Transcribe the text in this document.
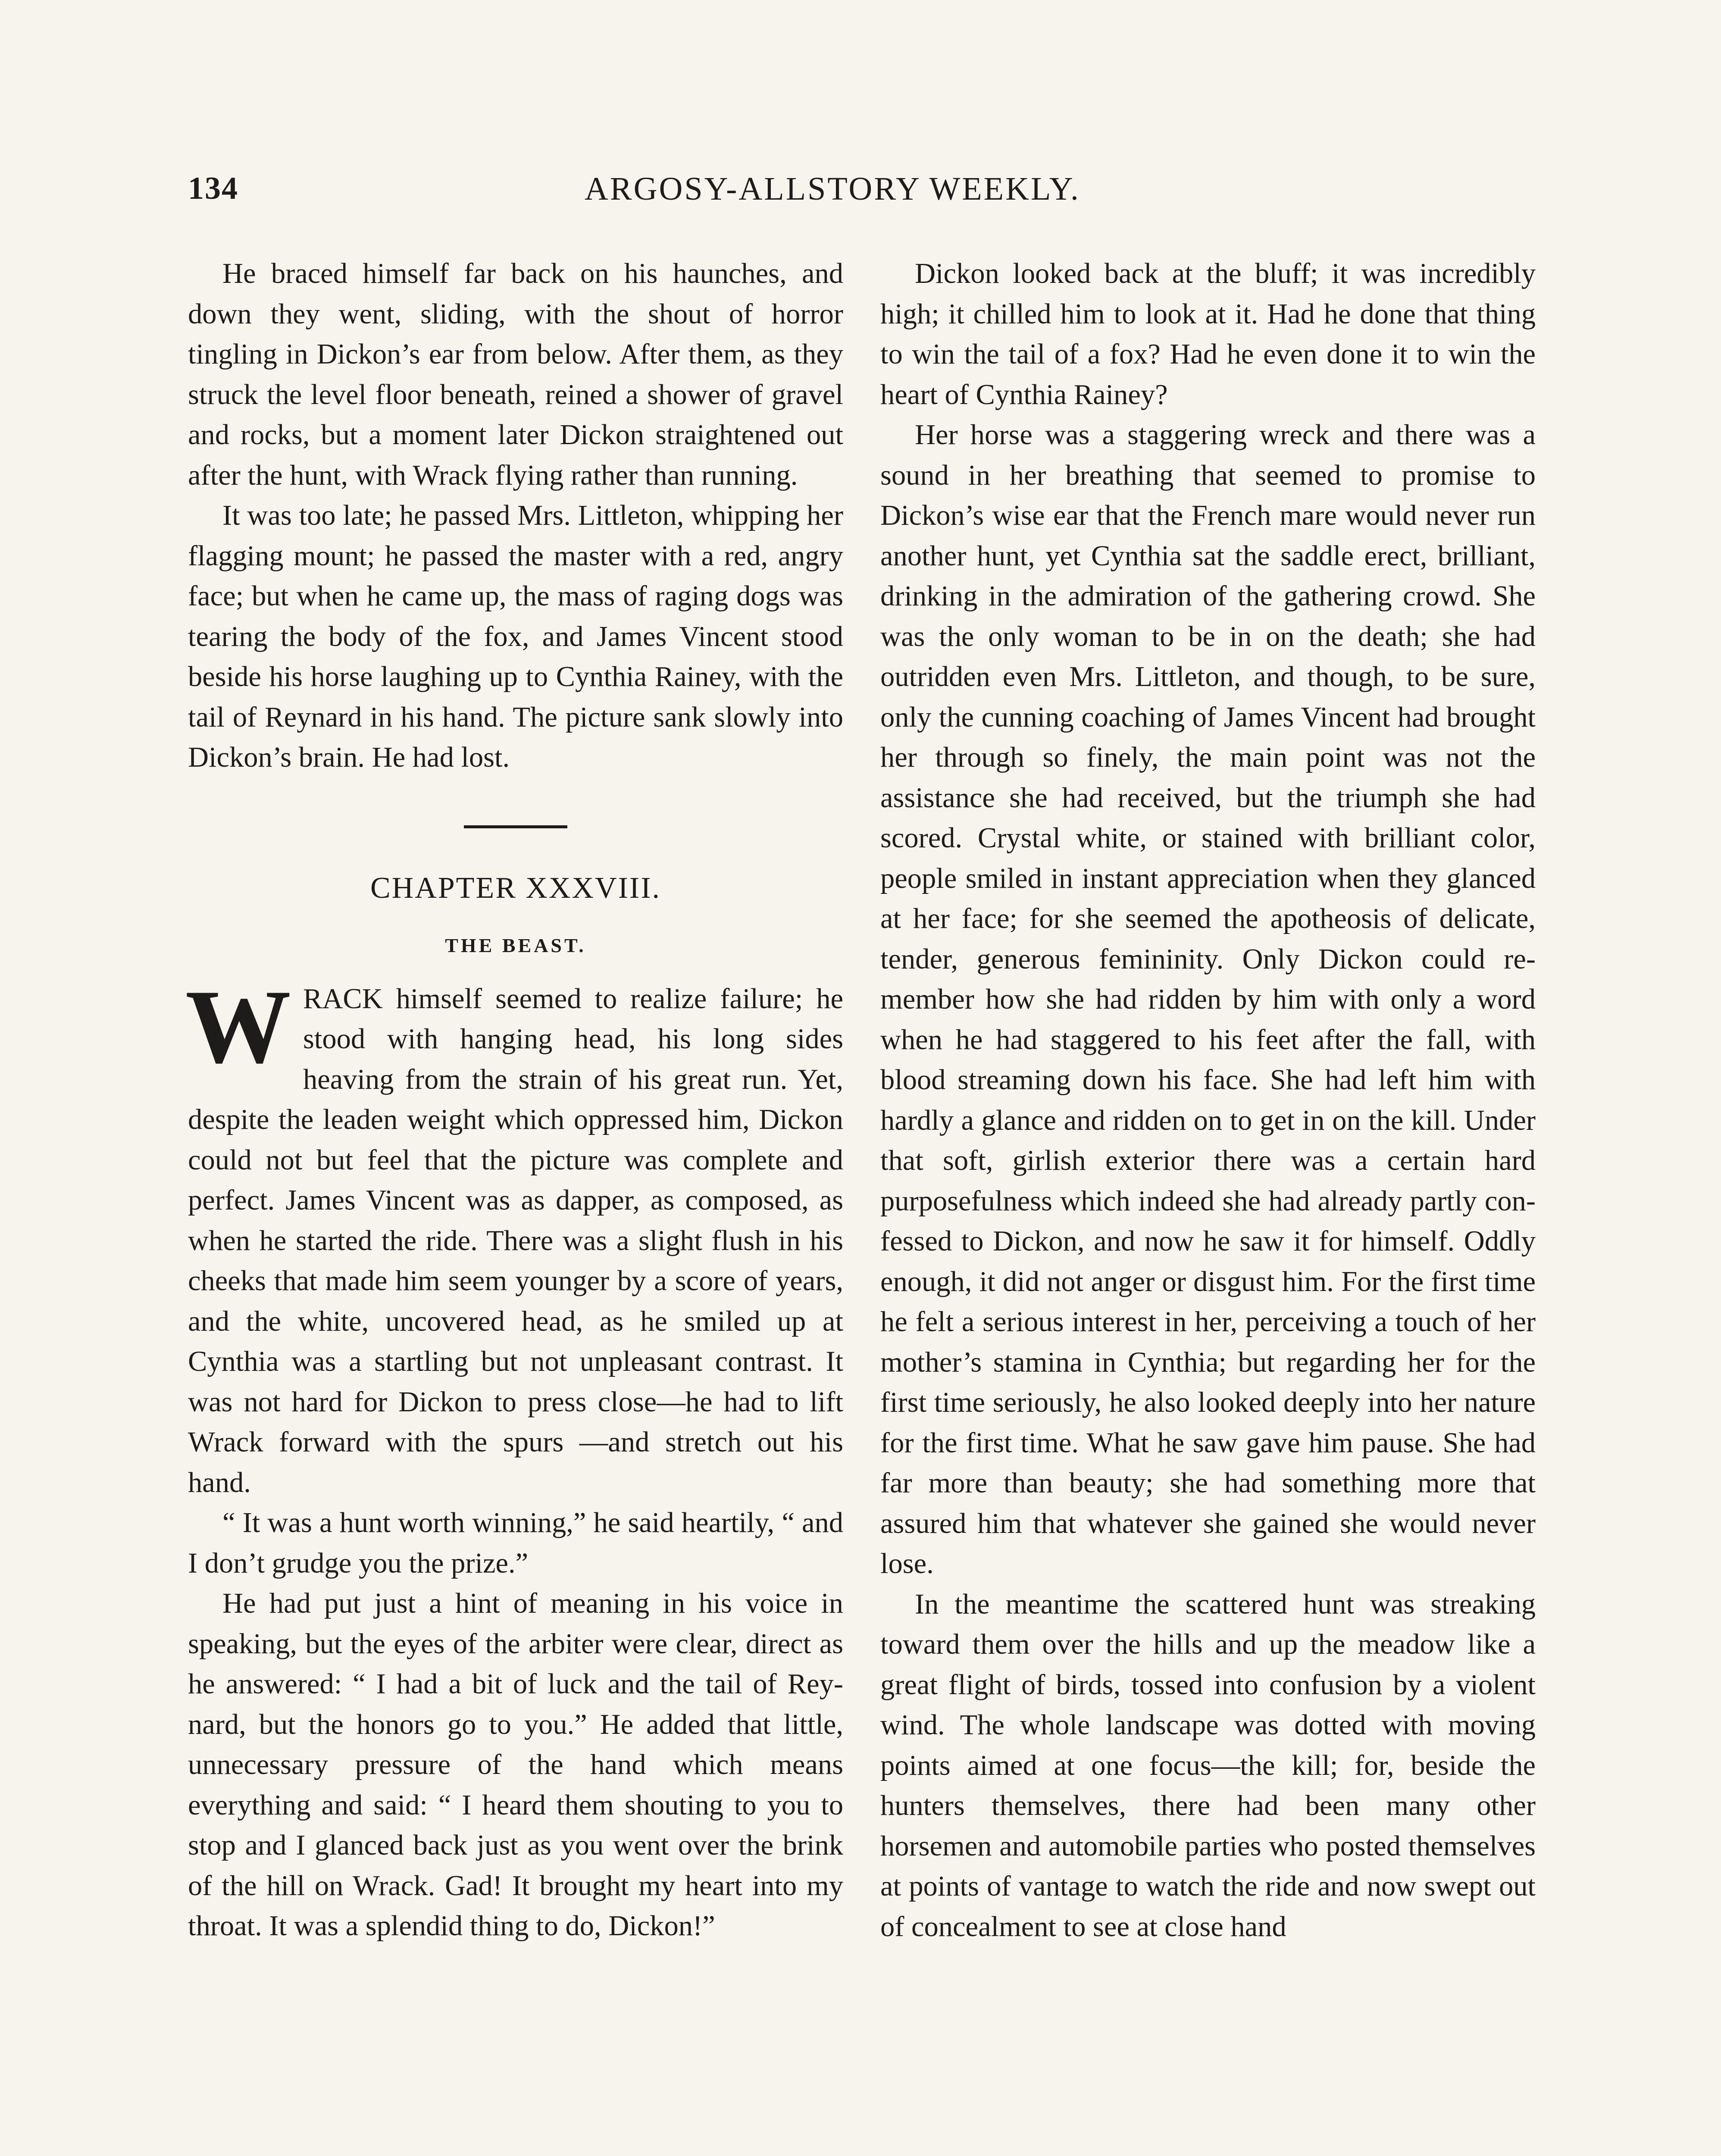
134	ARGOSY-ALLSTORY WEEKLY.

He braced himself far back on his haunches, and down they went, sliding, with the shout of horror tingling in Dickon’s ear from below. After them, as they struck the level floor beneath, reined a shower of gravel and rocks, but a moment later Dickon straightened out after the hunt, with Wrack flying rather than running.

It was too late; he passed Mrs. Littleton, whipping her flagging mount; he passed the master with a red, angry face; but when he came up, the mass of raging dogs was tearing the body of the fox, and James Vincent stood beside his horse laughing up to Cynthia Rainey, with the tail of Reynard in his hand. The picture sank slowly into Dickon’s brain. He had lost.

CHAPTER XXXVIII.
THE BEAST.

WRACK himself seemed to realize failure; he stood with hanging head, his long sides heaving from the strain of his great run. Yet, despite the leaden weight which oppressed him, Dickon could not but feel that the picture was complete and perfect. James Vincent was as dapper, as composed, as when he started the ride. There was a slight flush in his cheeks that made him seem younger by a score of years, and the white, uncovered head, as he smiled up at Cynthia was a startling but not unpleasant contrast. It was not hard for Dickon to press close—he had to lift Wrack forward with the spurs —and stretch out his hand.

“ It was a hunt worth winning,” he said heartily, “ and I don’t grudge you the prize.”

He had put just a hint of meaning in his voice in speaking, but the eyes of the arbiter were clear, direct as he answered: “ I had a bit of luck and the tail of Reynard, but the honors go to you.” He added that little, unnecessary pressure of the hand which means everything and said: “ I heard them shouting to you to stop and I glanced back just as you went over the brink of the hill on Wrack. Gad! It brought my heart into my throat. It was a splendid thing to do, Dickon!”

Dickon looked back at the bluff; it was incredibly high; it chilled him to look at it. Had he done that thing to win the tail of a fox? Had he even done it to win the heart of Cynthia Rainey?

Her horse was a staggering wreck and there was a sound in her breathing that seemed to promise to Dickon’s wise ear that the French mare would never run another hunt, yet Cynthia sat the saddle erect, brilliant, drinking in the admiration of the gathering crowd. She was the only woman to be in on the death; she had outridden even Mrs. Littleton, and though, to be sure, only the cunning coaching of James Vincent had brought her through so finely, the main point was not the assistance she had received, but the triumph she had scored. Crystal white, or stained with brilliant color, people smiled in instant appreciation when they glanced at her face; for she seemed the apotheosis of delicate, tender, generous femininity. Only Dickon could remember how she had ridden by him with only a word when he had staggered to his feet after the fall, with blood streaming down his face. She had left him with hardly a glance and ridden on to get in on the kill. Under that soft, girlish exterior there was a certain hard purposefulness which indeed she had already partly confessed to Dickon, and now he saw it for himself. Oddly enough, it did not anger or disgust him. For the first time he felt a serious interest in her, perceiving a touch of her mother’s stamina in Cynthia; but regarding her for the first time seriously, he also looked deeply into her nature for the first time. What he saw gave him pause. She had far more than beauty; she had something more that assured him that whatever she gained she would never lose.

In the meantime the scattered hunt was streaking toward them over the hills and up the meadow like a great flight of birds, tossed into confusion by a violent wind. The whole landscape was dotted with moving points aimed at one focus—the kill; for, beside the hunters themselves, there had been many other horsemen and automobile parties who posted themselves at points of vantage to watch the ride and now swept out of concealment to see at close hand
